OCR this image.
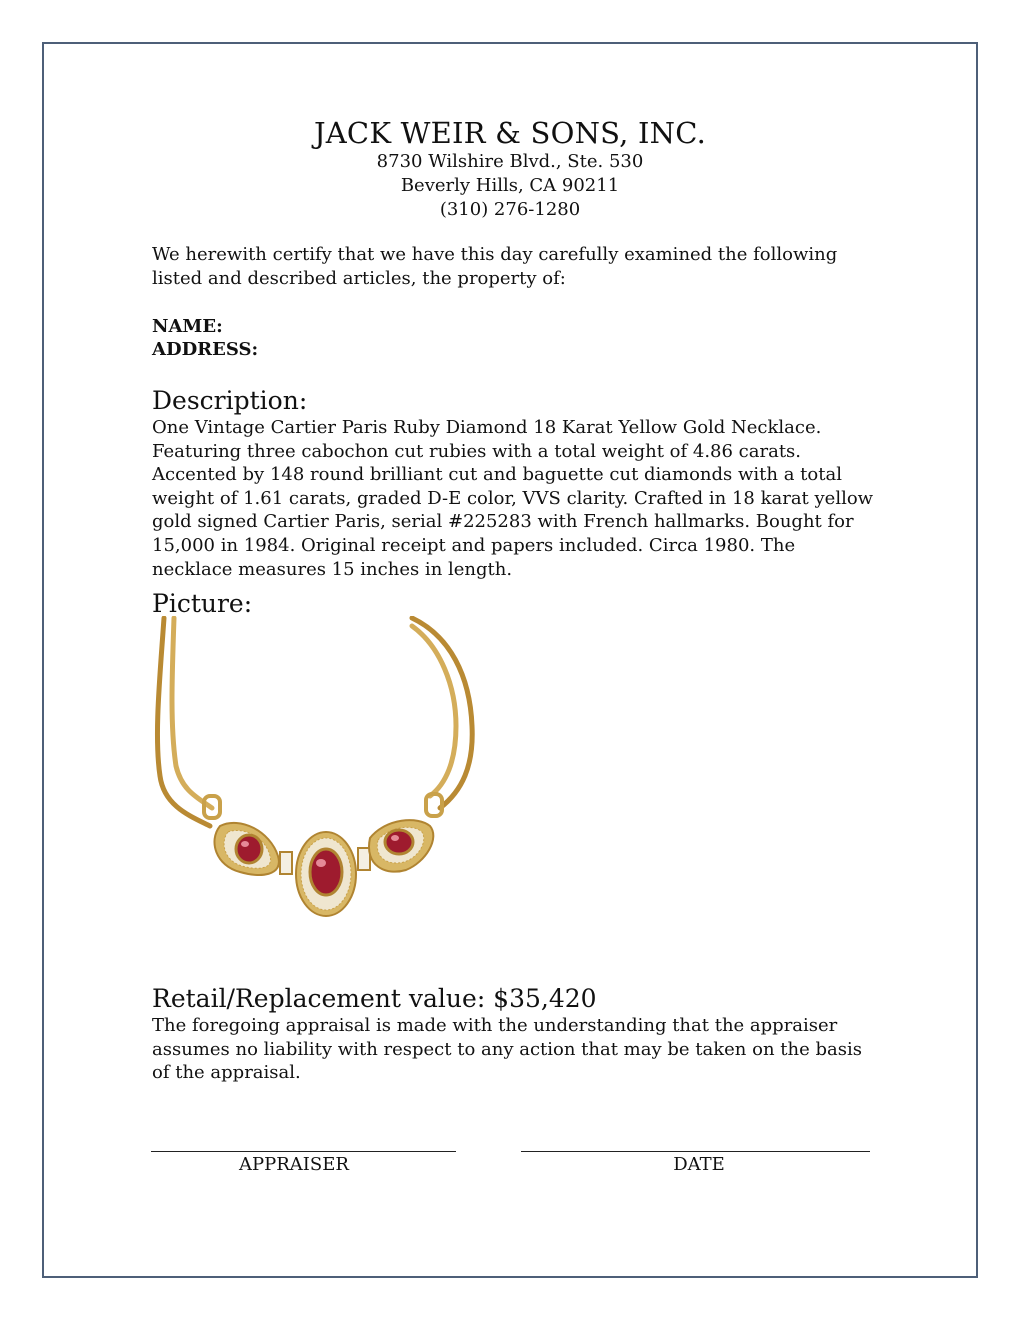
JACK WEIR & SONS, INC.
8730 Wilshire Blvd., Ste. 530
Beverly Hills, CA 90211
(310) 276-1280
We herewith certify that we have this day carefully examined the following listed and described articles, the property of:
NAME:
ADDRESS:
Description:
One Vintage Cartier Paris Ruby Diamond 18 Karat Yellow Gold Necklace. Featuring three cabochon cut rubies with a total weight of 4.86 carats. Accented by 148 round brilliant cut and baguette cut diamonds with a total weight of 1.61 carats, graded D-E color, VVS clarity. Crafted in 18 karat yellow gold signed Cartier Paris, serial #225283 with French hallmarks. Bought for 15,000 in 1984. Original receipt and papers included. Circa 1980. The necklace measures 15 inches in length.
Picture:
Retail/Replacement value: $35,420
The foregoing appraisal is made with the understanding that the appraiser assumes no liability with respect to any action that may be taken on the basis of the appraisal.
APPRAISER	DATE
